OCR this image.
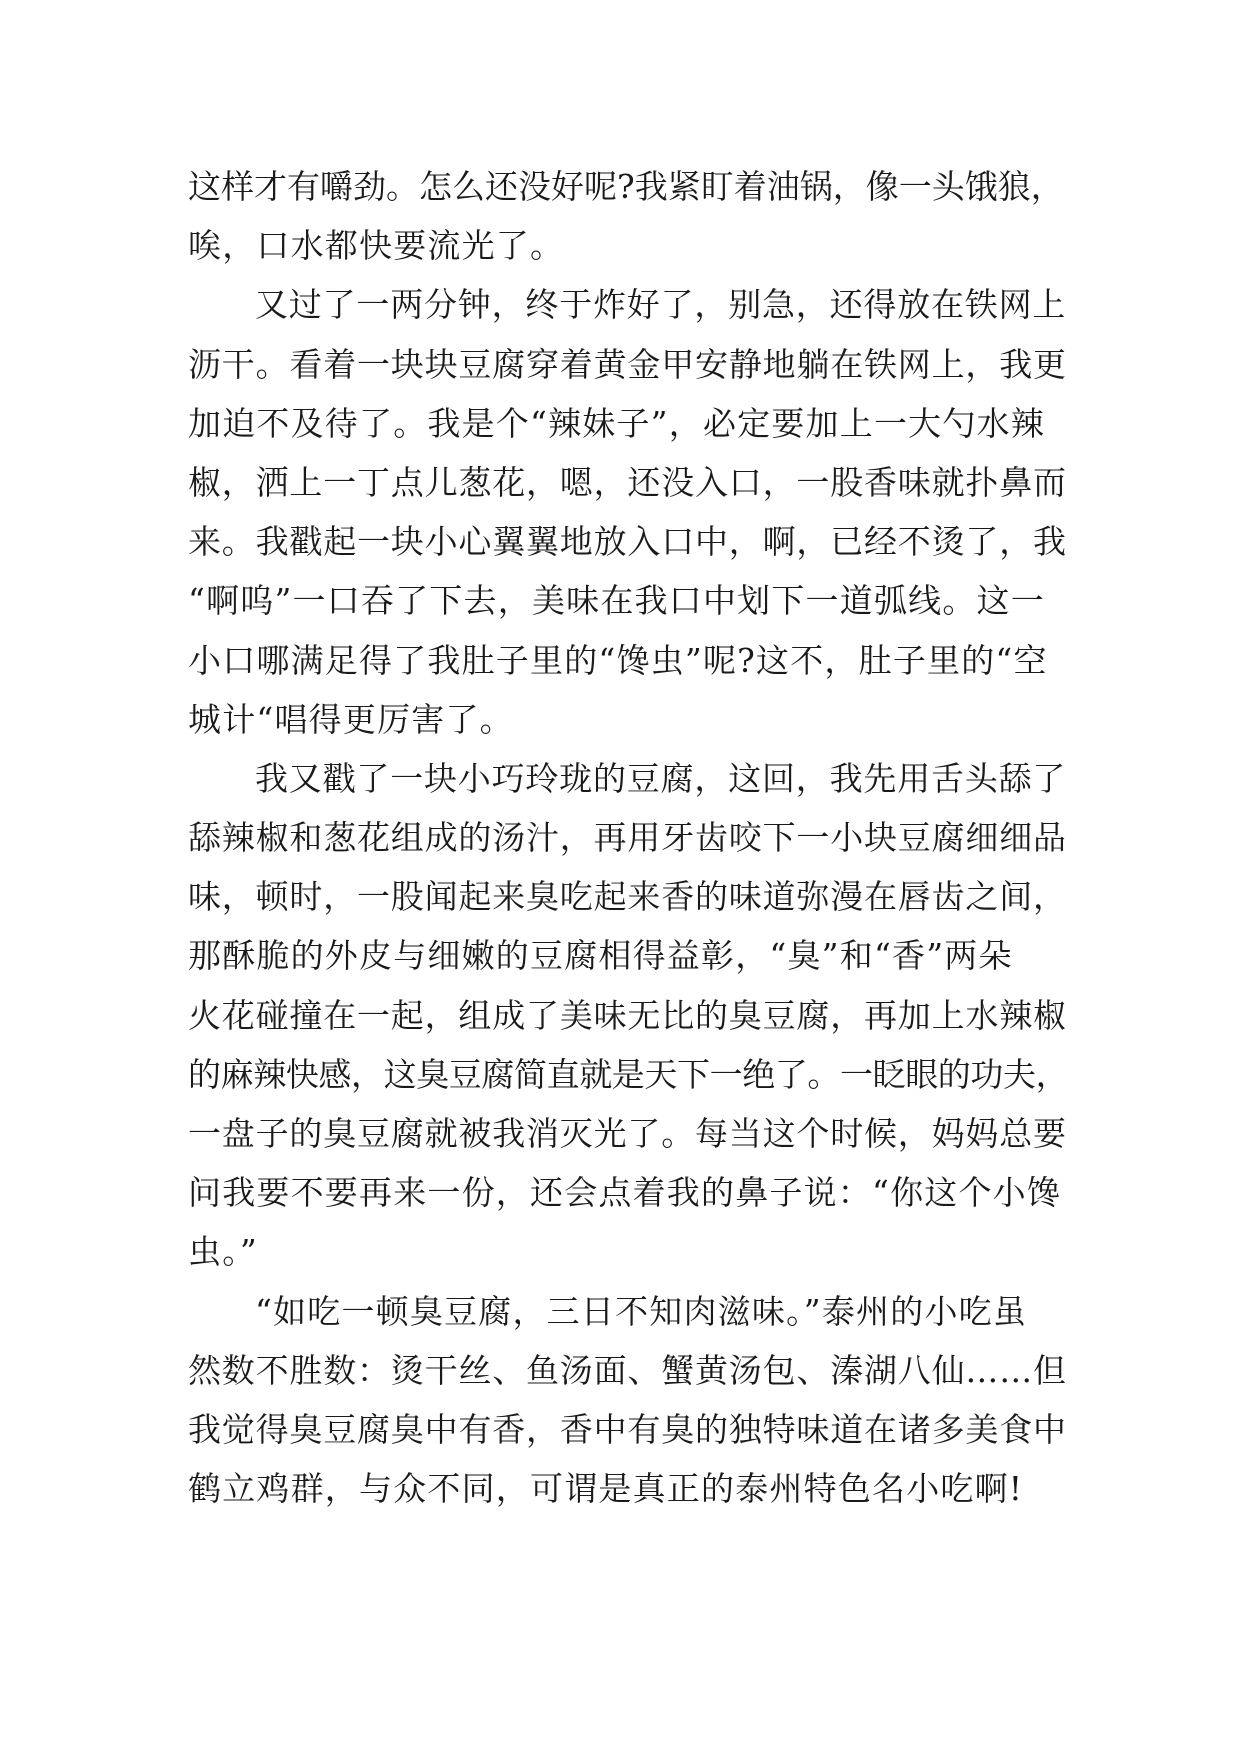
这样才有嚼劲。怎么还没好呢?我紧盯着油锅，像一头饿狼，
唉，口水都快要流光了。
又过了一两分钟，终于炸好了，别急，还得放在铁网上
沥干。看着一块块豆腐穿着黄金甲安静地躺在铁网上，我更
加迫不及待了。我是个“辣妹子”，必定要加上一大勺水辣
椒，洒上一丁点儿葱花，嗯，还没入口，一股香味就扑鼻而
来。我戳起一块小心翼翼地放入口中，啊，已经不烫了，我
“啊呜”一口吞了下去，美味在我口中划下一道弧线。这一
小口哪满足得了我肚子里的“馋虫”呢?这不，肚子里的“空
城计“唱得更厉害了。
我又戳了一块小巧玲珑的豆腐，这回，我先用舌头舔了
舔辣椒和葱花组成的汤汁，再用牙齿咬下一小块豆腐细细品
味，顿时，一股闻起来臭吃起来香的味道弥漫在唇齿之间，
那酥脆的外皮与细嫩的豆腐相得益彰，“臭”和“香”两朵
火花碰撞在一起，组成了美味无比的臭豆腐，再加上水辣椒
的麻辣快感，这臭豆腐简直就是天下一绝了。一眨眼的功夫，
一盘子的臭豆腐就被我消灭光了。每当这个时候，妈妈总要
问我要不要再来一份，还会点着我的鼻子说：“你这个小馋
虫。”
“如吃一顿臭豆腐，三日不知肉滋味。”泰州的小吃虽
然数不胜数：烫干丝、鱼汤面、蟹黄汤包、溱湖八仙……但
我觉得臭豆腐臭中有香，香中有臭的独特味道在诸多美食中
鹤立鸡群，与众不同，可谓是真正的泰州特色名小吃啊!
